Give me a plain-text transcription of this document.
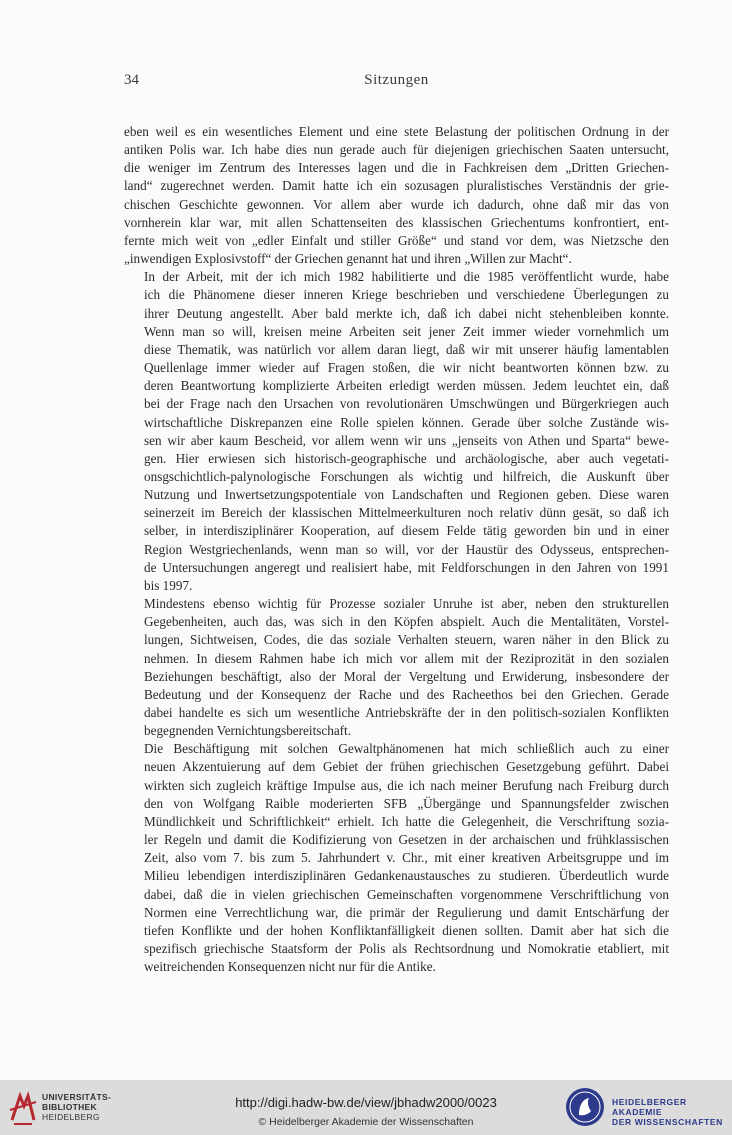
34	Sitzungen

eben weil es ein wesentliches Element und eine stete Belastung der politischen Ordnung in der
antiken Polis war. Ich habe dies nun gerade auch für diejenigen griechischen Saaten untersucht,
die weniger im Zentrum des Interesses lagen und die in Fachkreisen dem „Dritten Griechen-
land“ zugerechnet werden. Damit hatte ich ein sozusagen pluralistisches Verständnis der grie-
chischen Geschichte gewonnen. Vor allem aber wurde ich dadurch, ohne daß mir das von
vornherein klar war, mit allen Schattenseiten des klassischen Griechentums konfrontiert, ent-
fernte mich weit von „edler Einfalt und stiller Größe“ und stand vor dem, was Nietzsche den
„inwendigen Explosivstoff“ der Griechen genannt hat und ihren „Willen zur Macht“.

In der Arbeit, mit der ich mich 1982 habilitierte und die 1985 veröffentlicht wurde, habe
ich die Phänomene dieser inneren Kriege beschrieben und verschiedene Überlegungen zu
ihrer Deutung angestellt. Aber bald merkte ich, daß ich dabei nicht stehenbleiben konnte.
Wenn man so will, kreisen meine Arbeiten seit jener Zeit immer wieder vornehmlich um
diese Thematik, was natürlich vor allem daran liegt, daß wir mit unserer häufig lamentablen
Quellenlage immer wieder auf Fragen stoßen, die wir nicht beantworten können bzw. zu
deren Beantwortung komplizierte Arbeiten erledigt werden müssen. Jedem leuchtet ein, daß
bei der Frage nach den Ursachen von revolutionären Umschwüngen und Bürgerkriegen auch
wirtschaftliche Diskrepanzen eine Rolle spielen können. Gerade über solche Zustände wis-
sen wir aber kaum Bescheid, vor allem wenn wir uns „jenseits von Athen und Sparta“ bewe-
gen. Hier erwiesen sich historisch-geographische und archäologische, aber auch vegetati-
onsgschichtlich-palynologische Forschungen als wichtig und hilfreich, die Auskunft über
Nutzung und Inwertsetzungspotentiale von Landschaften und Regionen geben. Diese waren
seinerzeit im Bereich der klassischen Mittelmeerkulturen noch relativ dünn gesät, so daß ich
selber, in interdisziplinärer Kooperation, auf diesem Felde tätig geworden bin und in einer
Region Westgriechenlands, wenn man so will, vor der Haustür des Odysseus, entsprechen-
de Untersuchungen angeregt und realisiert habe, mit Feldforschungen in den Jahren von 1991
bis 1997.

Mindestens ebenso wichtig für Prozesse sozialer Unruhe ist aber, neben den strukturellen
Gegebenheiten, auch das, was sich in den Köpfen abspielt. Auch die Mentalitäten, Vorstel-
lungen, Sichtweisen, Codes, die das soziale Verhalten steuern, waren näher in den Blick zu
nehmen. In diesem Rahmen habe ich mich vor allem mit der Reziprozität in den sozialen
Beziehungen beschäftigt, also der Moral der Vergeltung und Erwiderung, insbesondere der
Bedeutung und der Konsequenz der Rache und des Racheethos bei den Griechen. Gerade
dabei handelte es sich um wesentliche Antriebskräfte der in den politisch-sozialen Konflikten
begegnenden Vernichtungsbereitschaft.

Die Beschäftigung mit solchen Gewaltphänomenen hat mich schließlich auch zu einer
neuen Akzentuierung auf dem Gebiet der frühen griechischen Gesetzgebung geführt. Dabei
wirkten sich zugleich kräftige Impulse aus, die ich nach meiner Berufung nach Freiburg durch
den von Wolfgang Raible moderierten SFB „Übergänge und Spannungsfelder zwischen
Mündlichkeit und Schriftlichkeit“ erhielt. Ich hatte die Gelegenheit, die Verschriftung sozia-
ler Regeln und damit die Kodifizierung von Gesetzen in der archaischen und frühklassischen
Zeit, also vom 7. bis zum 5. Jahrhundert v. Chr., mit einer kreativen Arbeitsgruppe und im
Milieu lebendigen interdisziplinären Gedankenaustausches zu studieren. Überdeutlich wurde
dabei, daß die in vielen griechischen Gemeinschaften vorgenommene Verschriftlichung von
Normen eine Verrechtlichung war, die primär der Regulierung und damit Entschärfung der
tiefen Konflikte und der hohen Konfliktanfälligkeit dienen sollten. Damit aber hat sich die
spezifisch griechische Staatsform der Polis als Rechtsordnung und Nomokratie etabliert, mit
weitreichenden Konsequenzen nicht nur für die Antike.

UNIVERSITÄTS-
BIBLIOTHEK
HEIDELBERG
http://digi.hadw-bw.de/view/jbhadw2000/0023
© Heidelberger Akademie der Wissenschaften
HEIDELBERGER AKADEMIE
DER WISSENSCHAFTEN
